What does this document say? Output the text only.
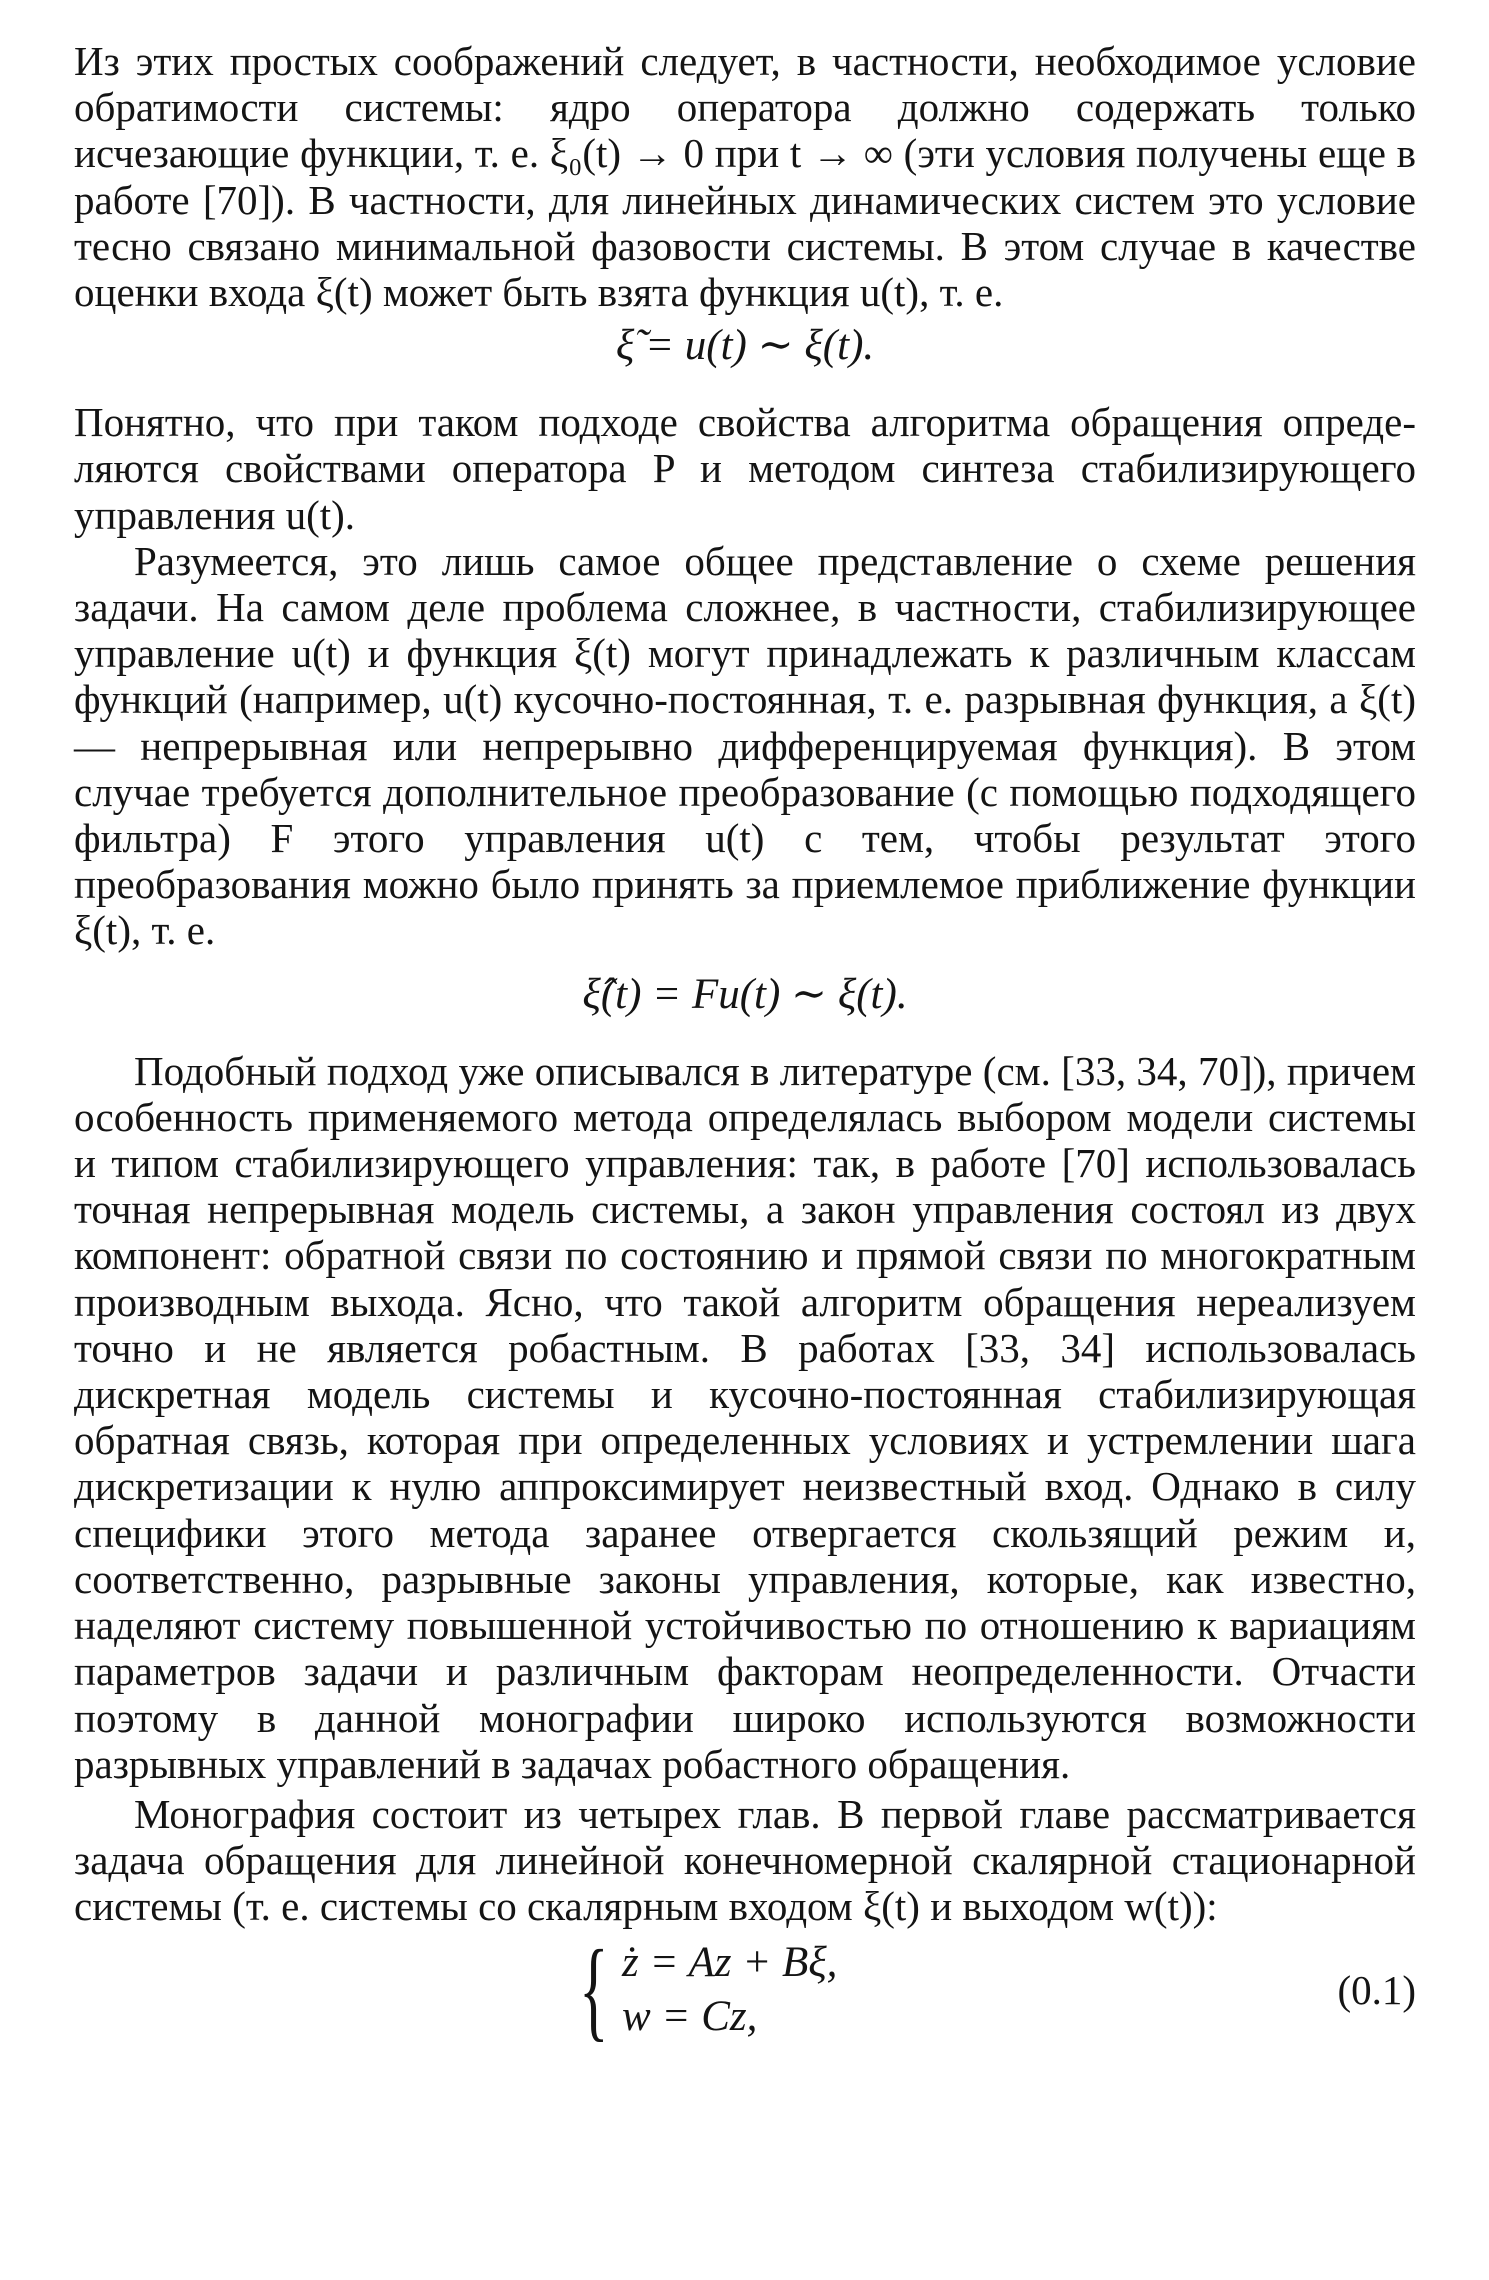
Из этих простых соображений следует, в частности, необходимое условие обратимости системы: ядро оператора должно содержать только исчезающие функции, т. е. ξ₀(t) → 0 при t → ∞ (эти условия получены еще в работе [70]). В частности, для линейных динамических систем это условие тесно связано минимальной фазовости системы. В этом случае в качестве оценки входа ξ(t) может быть взята функция u(t), т. е.

ξ̃ = u(t) ∼ ξ(t).

Понятно, что при таком подходе свойства алгоритма обращения определяются свойствами оператора P и методом синтеза стабилизирующего управления u(t).

Разумеется, это лишь самое общее представление о схеме решения задачи. На самом деле проблема сложнее, в частности, стабилизирующее управление u(t) и функция ξ(t) могут принадлежать к различным классам функций (например, u(t) кусочно-постоянная, т. е. разрывная функция, а ξ(t) — непрерывная или непрерывно дифференцируемая функция). В этом случае требуется дополнительное преобразование (с помощью подходящего фильтра) F этого управления u(t) с тем, чтобы результат этого преобразования можно было принять за приемлемое приближение функции ξ(t), т. е.

ξ̂(t) = Fu(t) ∼ ξ(t).

Подобный подход уже описывался в литературе (см. [33, 34, 70]), причем особенность применяемого метода определялась выбором модели системы и типом стабилизирующего управления: так, в работе [70] использовалась точная непрерывная модель системы, а закон управления состоял из двух компонент: обратной связи по состоянию и прямой связи по многократным производным выхода. Ясно, что такой алгоритм обращения нереализуем точно и не является робастным. В работах [33, 34] использовалась дискретная модель системы и кусочно-постоянная стабилизирующая обратная связь, которая при определенных условиях и устремлении шага дискретизации к нулю аппроксимирует неизвестный вход. Однако в силу специфики этого метода заранее отвергается скользящий режим и, соответственно, разрывные законы управления, которые, как известно, наделяют систему повышенной устойчивостью по отношению к вариациям параметров задачи и различным факторам неопределенности. Отчасти поэтому в данной монографии широко используются возможности разрывных управлений в задачах робастного обращения.

Монография состоит из четырех глав. В первой главе рассматривается задача обращения для линейной конечномерной скалярной стационарной системы (т. е. системы со скалярным входом ξ(t) и выходом w(t)):

{ ż = Az + Bξ,
w = Cz,
(0.1)
